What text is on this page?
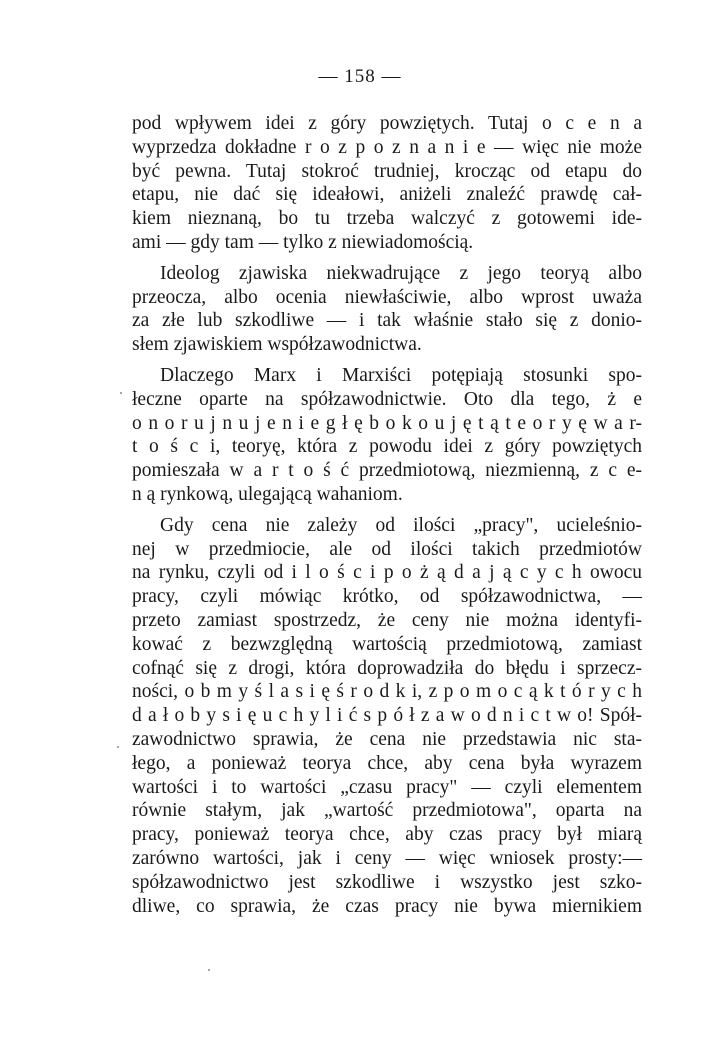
— 158 —
pod wpływem idei z góry powziętych. Tutaj o c e n a
wyprzedza dokładne r o z p o z n a n i e — więc nie może
być pewna. Tutaj stokroć trudniej, krocząc od etapu do
etapu, nie dać się ideałowi, aniżeli znaleźć prawdę cał-
kiem nieznaną, bo tu trzeba walczyć z gotowemi ide-
ami — gdy tam — tylko z niewiadomością.
Ideolog zjawiska niekwadrujące z jego teoryą albo
przeocza, albo ocenia niewłaściwie, albo wprost uważa
za złe lub szkodliwe — i tak właśnie stało się z donio-
słem zjawiskiem współzawodnictwa.
Dlaczego Marx i Marxiści potępiają stosunki spo-
łeczne oparte na spółzawodnictwie. Oto dla tego, ż e
o n o r u j n u j e n i e g ł ę b o k o u j ę t ą t e o r y ę w a r-
t o ś c i, teoryę, która z powodu idei z góry powziętych
pomieszała w a r t o ś ć przedmiotową, niezmienną, z c e-
n ą rynkową, ulegającą wahaniom.
Gdy cena nie zależy od ilości „pracy", ucieleśnio-
nej w przedmiocie, ale od ilości takich przedmiotów
na rynku, czyli od i l o ś c i p o ż ą d a j ą c y c h owocu
pracy, czyli mówiąc krótko, od spółzawodnictwa, —
przeto zamiast spostrzedz, że ceny nie można identyfi-
kować z bezwzględną wartością przedmiotową, zamiast
cofnąć się z drogi, która doprowadziła do błędu i sprzecz-
ności, o b m y ś l a s i ę ś r o d k i, z p o m o c ą k t ó r y c h
d a ł o b y s i ę u c h y l i ć s p ó ł z a w o d n i c t w o! Spół-
zawodnictwo sprawia, że cena nie przedstawia nic sta-
łego, a ponieważ teorya chce, aby cena była wyrazem
wartości i to wartości „czasu pracy" — czyli elementem
równie stałym, jak „wartość przedmiotowa", oparta na
pracy, ponieważ teorya chce, aby czas pracy był miarą
zarówno wartości, jak i ceny — więc wniosek prosty:—
spółzawodnictwo jest szkodliwe i wszystko jest szko-
dliwe, co sprawia, że czas pracy nie bywa miernikiem
